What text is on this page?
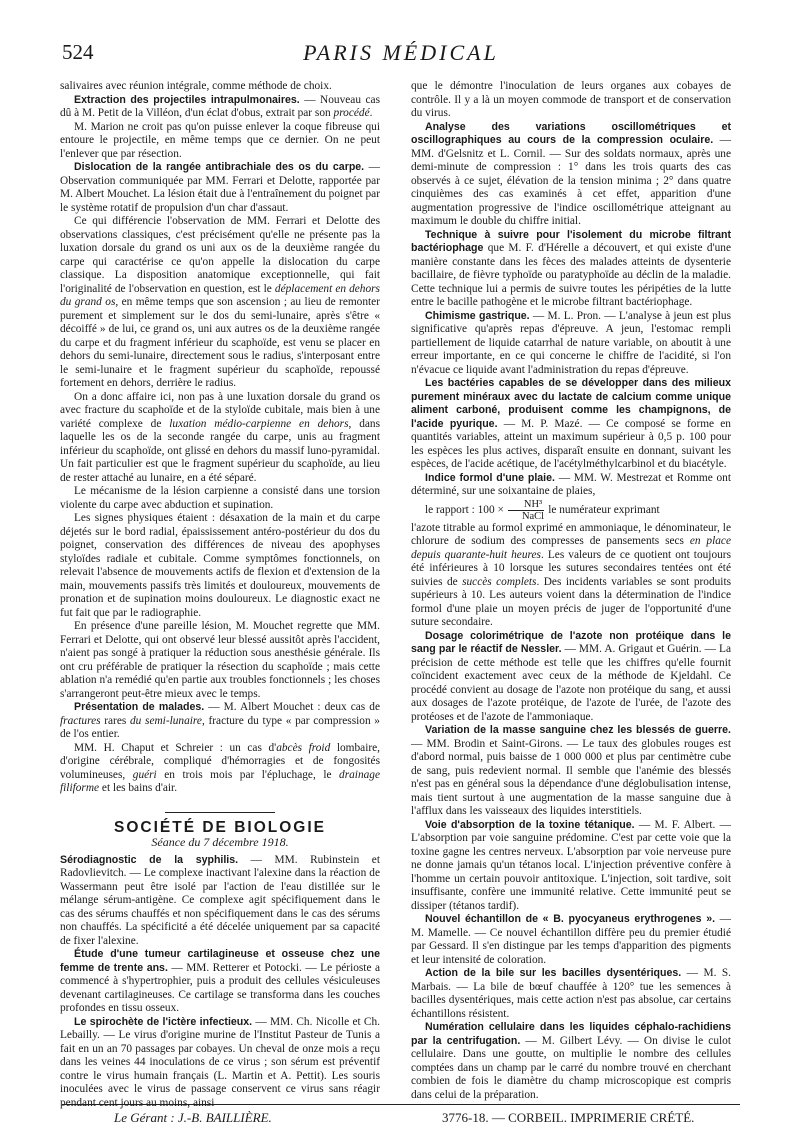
524	PARIS MÉDICAL

salivaires avec réunion intégrale, comme méthode de choix.

Extraction des projectiles intrapulmonaires. — Nouveau cas dû à M. Petit de la Villéon, d'un éclat d'obus, extrait par son procédé.

M. Marion ne croit pas qu'on puisse enlever la coque fibreuse qui entoure le projectile, en même temps que ce dernier. On ne peut l'enlever que par résection.

Dislocation de la rangée antibrachiale des os du carpe. — Observation communiquée par MM. Ferrari et Delotte, rapportée par M. Albert Mouchet. La lésion était due à l'entraînement du poignet par le système rotatif de propulsion d'un char d'assaut.

Ce qui différencie l'observation de MM. Ferrari et Delotte des observations classiques, c'est précisément qu'elle ne présente pas la luxation dorsale du grand os uni aux os de la deuxième rangée du carpe qui caractérise ce qu'on appelle la dislocation du carpe classique. La disposition anatomique exceptionnelle, qui fait l'originalité de l'observation en question, est le déplacement en dehors du grand os, en même temps que son ascension ; au lieu de remonter purement et simplement sur le dos du semi-lunaire, après s'être « décoiffé » de lui, ce grand os, uni aux autres os de la deuxième rangée du carpe et du fragment inférieur du scaphoïde, est venu se placer en dehors du semi-lunaire, directement sous le radius, s'interposant entre le semi-lunaire et le fragment supérieur du scaphoïde, repoussé fortement en dehors, derrière le radius.

On a donc affaire ici, non pas à une luxation dorsale du grand os avec fracture du scaphoïde et de la styloïde cubitale, mais bien à une variété complexe de luxation médio-carpienne en dehors, dans laquelle les os de la seconde rangée du carpe, unis au fragment inférieur du scaphoïde, ont glissé en dehors du massif luno-pyramidal. Un fait particulier est que le fragment supérieur du scaphoïde, au lieu de rester attaché au lunaire, en a été séparé.

Le mécanisme de la lésion carpienne a consisté dans une torsion violente du carpe avec abduction et supination.

Les signes physiques étaient : désaxation de la main et du carpe déjetés sur le bord radial, épaississement antéro-postérieur du dos du poignet, conservation des différences de niveau des apophyses styloïdes radiale et cubitale. Comme symptômes fonctionnels, on relevait l'absence de mouvements actifs de flexion et d'extension de la main, mouvements passifs très limités et douloureux, mouvements de pronation et de supination moins douloureux. Le diagnostic exact ne fut fait que par le radiographie.

En présence d'une pareille lésion, M. Mouchet regrette que MM. Ferrari et Delotte, qui ont observé leur blessé aussitôt après l'accident, n'aient pas songé à pratiquer la réduction sous anesthésie générale. Ils ont cru préférable de pratiquer la résection du scaphoïde ; mais cette ablation n'a remédié qu'en partie aux troubles fonctionnels ; les choses s'arrangeront peut-être mieux avec le temps.

Présentation de malades. — M. Albert Mouchet : deux cas de fractures rares du semi-lunaire, fracture du type « par compression » de l'os entier.

MM. H. Chaput et Schreier : un cas d'abcès froid lombaire, d'origine cérébrale, compliqué d'hémorragies et de fongosités volumineuses, guéri en trois mois par l'épluchage, le drainage filiforme et les bains d'air.

SOCIÉTÉ DE BIOLOGIE
Séance du 7 décembre 1918.

Sérodiagnostic de la syphilis. — MM. Rubinstein et Radovlievitch. — Le complexe inactivant l'alexine dans la réaction de Wassermann peut être isolé par l'action de l'eau distillée sur le mélange sérum-antigène. Ce complexe agit spécifiquement dans le cas des sérums chauffés et non spécifiquement dans le cas des sérums non chauffés. La spécificité a été décelée uniquement par sa capacité de fixer l'alexine.

Étude d'une tumeur cartilagineuse et osseuse chez une femme de trente ans. — MM. Retterer et Potocki. — Le périoste a commencé à s'hypertrophier, puis a produit des cellules vésiculeuses devenant cartilagineuses. Ce cartilage se transforma dans les couches profondes en tissu osseux.

Le spirochète de l'ictère infectieux. — MM. Ch. Nicolle et Ch. Lebailly. — Le virus d'origine murine de l'Institut Pasteur de Tunis a fait en un an 70 passages par cobayes. Un cheval de onze mois a reçu dans les veines 44 inoculations de ce virus ; son sérum est préventif contre le virus humain français (L. Martin et A. Pettit). Les souris inoculées avec le virus de passage conservent ce virus sans réagir pendant cent jours au moins, ainsi

que le démontre l'inoculation de leurs organes aux cobayes de contrôle. Il y a là un moyen commode de transport et de conservation du virus.

Analyse des variations oscillométriques et oscillographiques au cours de la compression oculaire. — MM. d'Gelsnitz et L. Cornil. — Sur des soldats normaux, après une demi-minute de compression : 1° dans les trois quarts des cas observés à ce sujet, élévation de la tension minima ; 2° dans quatre cinquièmes des cas examinés à cet effet, apparition d'une augmentation progressive de l'indice oscillométrique atteignant au maximum le double du chiffre initial.

Technique à suivre pour l'isolement du microbe filtrant bactériophage que M. F. d'Hérelle a découvert, et qui existe d'une manière constante dans les fèces des malades atteints de dysenterie bacillaire, de fièvre typhoïde ou paratyphoïde au déclin de la maladie. Cette technique lui a permis de suivre toutes les péripéties de la lutte entre le bacille pathogène et le microbe filtrant bactériophage.

Chimisme gastrique. — M. L. Pron. — L'analyse à jeun est plus significative qu'après repas d'épreuve. A jeun, l'estomac rempli partiellement de liquide catarrhal de nature variable, on aboutit à une erreur importante, en ce qui concerne le chiffre de l'acidité, si l'on n'évacue ce liquide avant l'administration du repas d'épreuve.

Les bactéries capables de se développer dans des milieux purement minéraux avec du lactate de calcium comme unique aliment carboné, produisent comme les champignons, de l'acide pyurique. — M. P. Mazé. — Ce composé se forme en quantités variables, atteint un maximum supérieur à 0,5 p. 100 pour les espèces les plus actives, disparaît ensuite en donnant, suivant les espèces, de l'acide acétique, de l'acétylméthylcarbinol et du biacétyle.

Indice formol d'une plaie. — MM. W. Mestrezat et Romme ont déterminé, sur une soixantaine de plaies,

le rapport : $100 \times \frac{\text{NH³}}{\text{NaCl}}$ le numérateur exprimant

l'azote titrable au formol exprimé en ammoniaque, le dénominateur, le chlorure de sodium des compresses de pansements secs en place depuis quarante-huit heures. Les valeurs de ce quotient ont toujours été inférieures à 10 lorsque les sutures secondaires tentées ont été suivies de succès complets. Des incidents variables se sont produits supérieurs à 10. Les auteurs voient dans la détermination de l'indice formol d'une plaie un moyen précis de juger de l'opportunité d'une suture secondaire.

Dosage colorimétrique de l'azote non protéique dans le sang par le réactif de Nessler. — MM. A. Grigaut et Guérin. — La précision de cette méthode est telle que les chiffres qu'elle fournit coïncident exactement avec ceux de la méthode de Kjeldahl. Ce procédé convient au dosage de l'azote non protéique du sang, et aussi aux dosages de l'azote protéique, de l'azote de l'urée, de l'azote des protéoses et de l'azote de l'ammoniaque.

Variation de la masse sanguine chez les blessés de guerre. — MM. Brodin et Saint-Girons. — Le taux des globules rouges est d'abord normal, puis baisse de 1 000 000 et plus par centimètre cube de sang, puis redevient normal. Il semble que l'anémie des blessés n'est pas en général sous la dépendance d'une déglobulisation intense, mais tient surtout à une augmentation de la masse sanguine due à l'afflux dans les vaisseaux des liquides interstitiels.

Voie d'absorption de la toxine tétanique. — M. F. Albert. — L'absorption par voie sanguine prédomine. C'est par cette voie que la toxine gagne les centres nerveux. L'absorption par voie nerveuse pure ne donne jamais qu'un tétanos local. L'injection préventive confère à l'homme un certain pouvoir antitoxique. L'injection, soit tardive, soit insuffisante, confère une immunité relative. Cette immunité peut se dissiper (tétanos tardif).

Nouvel échantillon de « B. pyocyaneus erythrogenes ». — M. Mamelle. — Ce nouvel échantillon diffère peu du premier étudié par Gessard. Il s'en distingue par les temps d'apparition des pigments et leur intensité de coloration.

Action de la bile sur les bacilles dysentériques. — M. S. Marbais. — La bile de bœuf chauffée à 120° tue les semences à bacilles dysentériques, mais cette action n'est pas absolue, car certains échantillons résistent.

Numération cellulaire dans les liquides céphalo-rachidiens par la centrifugation. — M. Gilbert Lévy. — On divise le culot cellulaire. Dans une goutte, on multiplie le nombre des cellules comptées dans un champ par le carré du nombre trouvé en cherchant combien de fois le diamètre du champ microscopique est compris dans celui de la préparation.

Le Gérant : J.-B. BAILLIÈRE.	3776-18. — CORBEIL. IMPRIMERIE CRÉTÉ.
